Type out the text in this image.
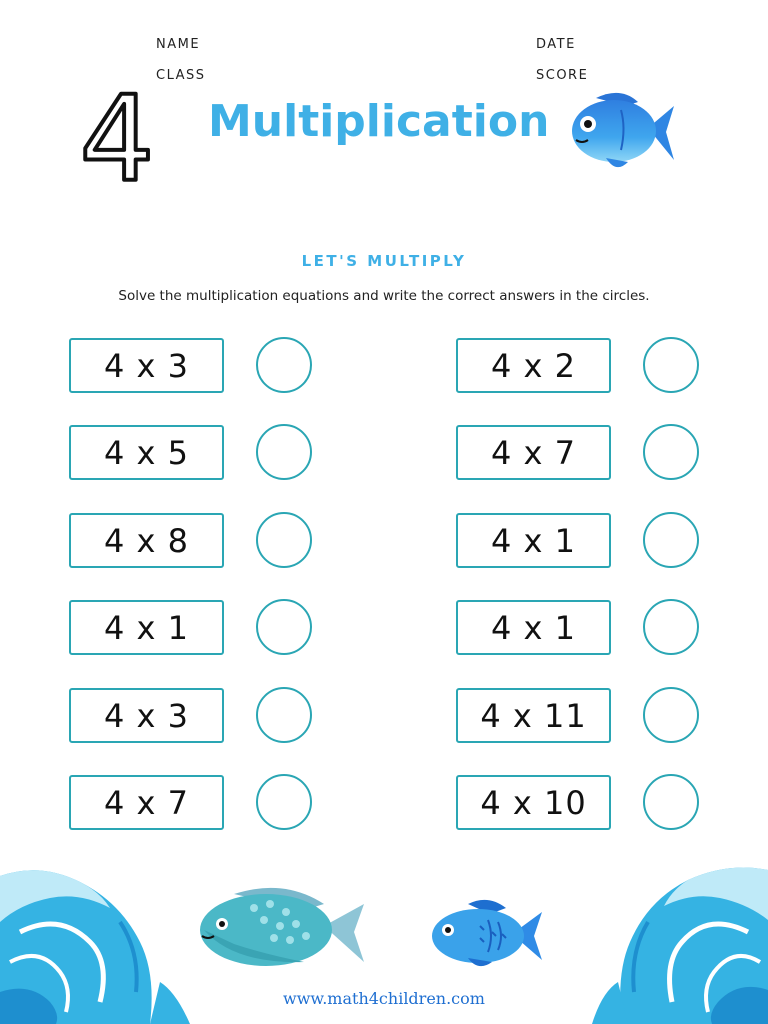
NAME
CLASS
DATE
SCORE
4 Multiplication
LET'S MULTIPLY
Solve the multiplication equations and write the correct answers in the circles.
4 x 3
4 x 5
4 x 8
4 x 1
4 x 3
4 x 7
4 x 2
4 x 7
4 x 1
4 x 1
4 x 11
4 x 10
www.math4children.com
